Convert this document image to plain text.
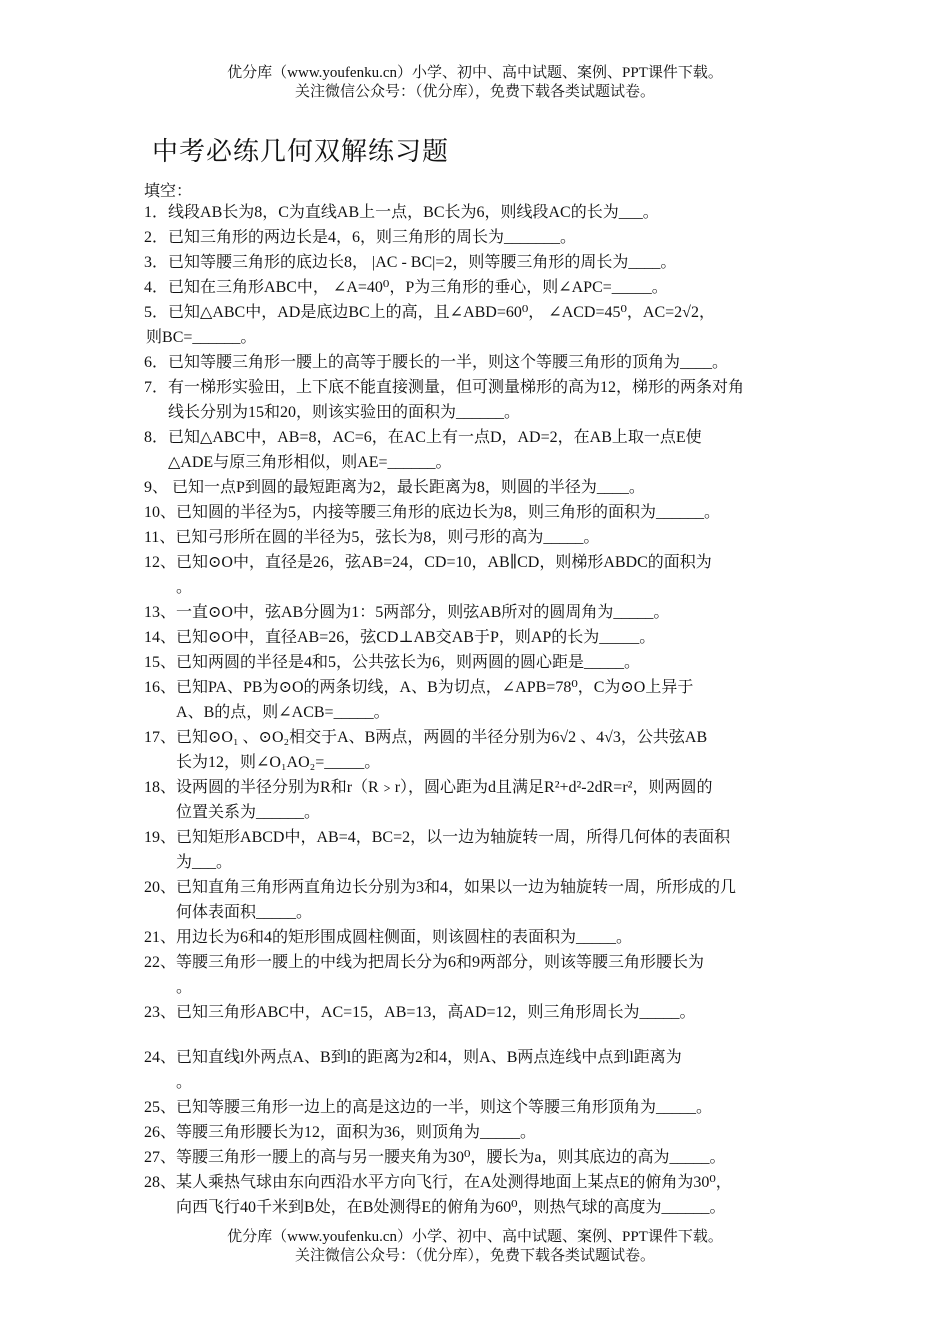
优分库（www.youfenku.cn）小学、初中、高中试题、案例、PPT课件下载。
关注微信公众号：（优分库），免费下载各类试题试卷。
中考必练几何双解练习题
填空：
1． 线段AB长为8，C为直线AB上一点，BC长为6，则线段AC的长为___。
2． 已知三角形的两边长是4，6，则三角形的周长为_______。
3． 已知等腰三角形的底边长8， |AC - BC|=2，则等腰三角形的周长为____。
4． 已知在三角形ABC中， ∠A=40⁰，P为三角形的垂心，则∠APC=_____。
5． 已知△ABC中，AD是底边BC上的高，且∠ABD=60⁰， ∠ACD=45⁰，AC=2√2，
则BC=______。
6． 已知等腰三角形一腰上的高等于腰长的一半，则这个等腰三角形的顶角为____。
7． 有一梯形实验田，上下底不能直接测量，但可测量梯形的高为12，梯形的两条对角
线长分别为15和20，则该实验田的面积为______。
8． 已知△ABC中，AB=8，AC=6，在AC上有一点D，AD=2，在AB上取一点E使
△ADE与原三角形相似，则AE=______。
9、 已知一点P到圆的最短距离为2，最长距离为8，则圆的半径为____。
10、 已知圆的半径为5，内接等腰三角形的底边长为8，则三角形的面积为______。
11、 已知弓形所在圆的半径为5，弦长为8，则弓形的高为_____。
12、 已知⊙O中，直径是26，弦AB=24，CD=10，AB∥CD，则梯形ABDC的面积为
。
13、 一直⊙O中，弦AB分圆为1：5两部分，则弦AB所对的圆周角为_____。
14、 已知⊙O中，直径AB=26，弦CD⊥AB交AB于P，则AP的长为_____。
15、 已知两圆的半径是4和5，公共弦长为6，则两圆的圆心距是_____。
16、 已知PA、PB为⊙O的两条切线，A、B为切点，∠APB=78⁰，C为⊙O上异于
A、B的点，则∠ACB=_____。
17、 已知⊙O₁ 、⊙O₂相交于A、B两点，两圆的半径分别为6√2 、4√3，公共弦AB
长为12，则∠O₁AO₂=_____。
18、 设两圆的半径分别为R和r（R﹥r），圆心距为d且满足R²+d²-2dR=r²，则两圆的
位置关系为______。
19、 已知矩形ABCD中，AB=4，BC=2，以一边为轴旋转一周，所得几何体的表面积
为___。
20、 已知直角三角形两直角边长分别为3和4，如果以一边为轴旋转一周，所形成的几
何体表面积_____。
21、 用边长为6和4的矩形围成圆柱侧面，则该圆柱的表面积为_____。
22、 等腰三角形一腰上的中线为把周长分为6和9两部分，则该等腰三角形腰长为
。
23、 已知三角形ABC中，AC=15，AB=13，高AD=12，则三角形周长为_____。
24、 已知直线l外两点A、B到l的距离为2和4，则A、B两点连线中点到l距离为
。
25、 已知等腰三角形一边上的高是这边的一半，则这个等腰三角形顶角为_____。
26、 等腰三角形腰长为12，面积为36，则顶角为_____。
27、 等腰三角形一腰上的高与另一腰夹角为30⁰，腰长为a，则其底边的高为_____。
28、 某人乘热气球由东向西沿水平方向飞行，在A处测得地面上某点E的俯角为30⁰，
向西飞行40千米到B处，在B处测得E的俯角为60⁰，则热气球的高度为______。
优分库（www.youfenku.cn）小学、初中、高中试题、案例、PPT课件下载。
关注微信公众号：（优分库），免费下载各类试题试卷。
